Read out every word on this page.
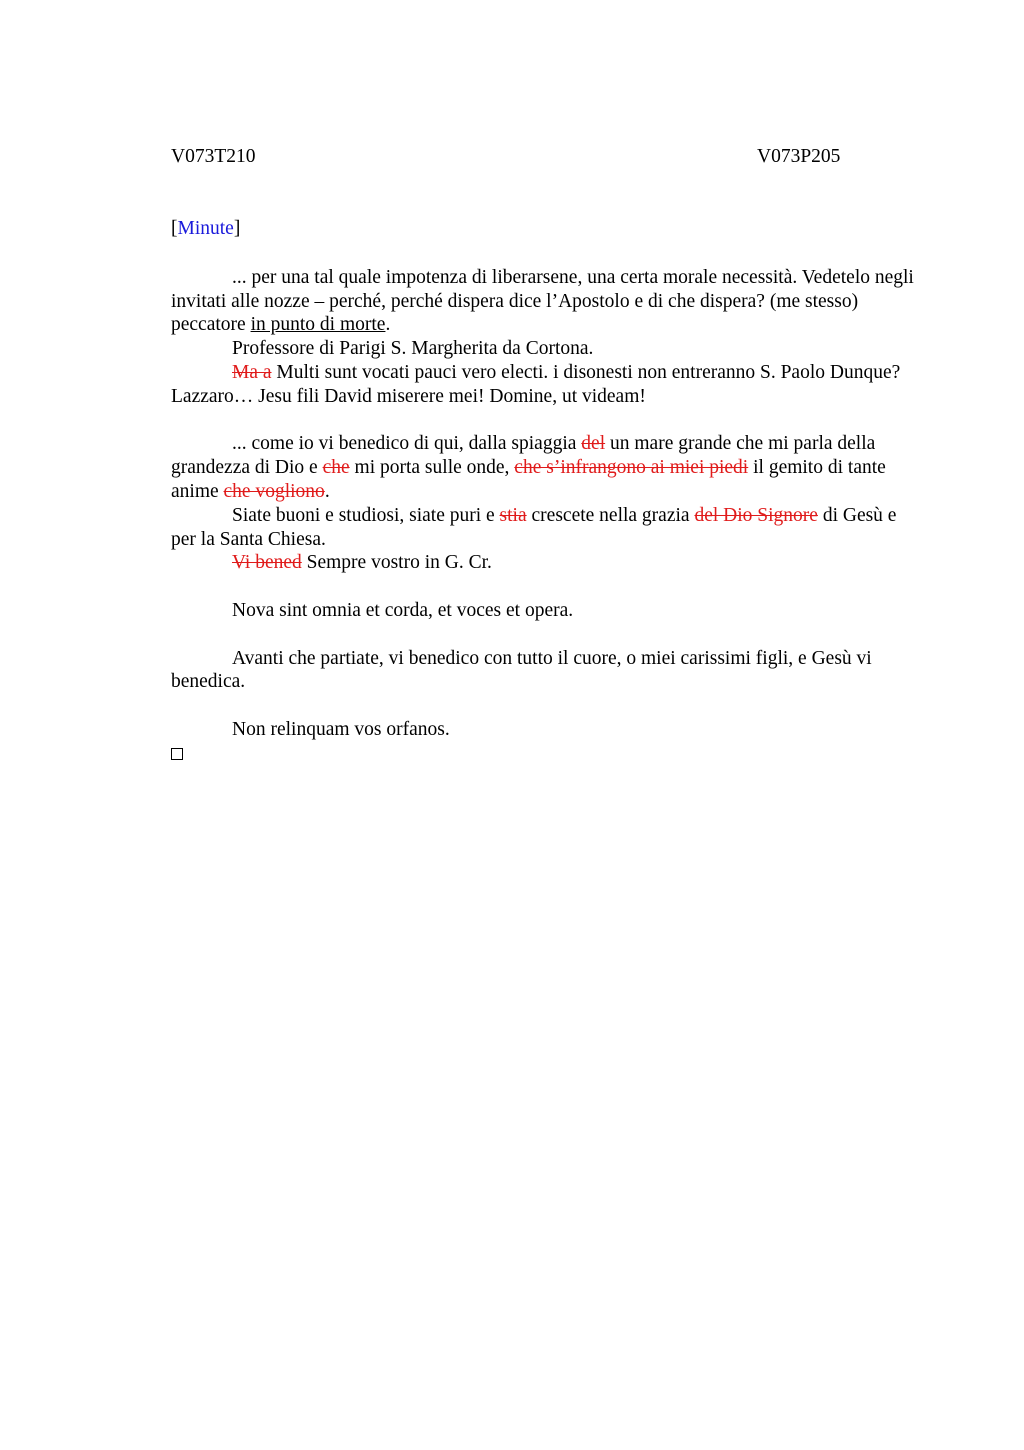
V073T210	V073P205
[Minute]

... per una tal quale impotenza di liberarsene, una certa morale necessità. Vedetelo negli invitati alle nozze – perché, perché dispera dice l’Apostolo e di che dispera? (me stesso) peccatore in punto di morte.

Professore di Parigi S. Margherita da Cortona.

Ma a Multi sunt vocati pauci vero electi. i disonesti non entreranno S. Paolo Dunque? Lazzaro… Jesu fili David miserere mei! Domine, ut videam!

... come io vi benedico di qui, dalla spiaggia del un mare grande che mi parla della grandezza di Dio e che mi porta sulle onde, che s’infrangono ai miei piedi il gemito di tante anime che vogliono.

Siate buoni e studiosi, siate puri e stia crescete nella grazia del Dio Signore di Gesù e per la Santa Chiesa.

Vi bened Sempre vostro in G. Cr.

Nova sint omnia et corda, et voces et opera.

Avanti che partiate, vi benedico con tutto il cuore, o miei carissimi figli, e Gesù vi benedica.

Non relinquam vos orfanos.
